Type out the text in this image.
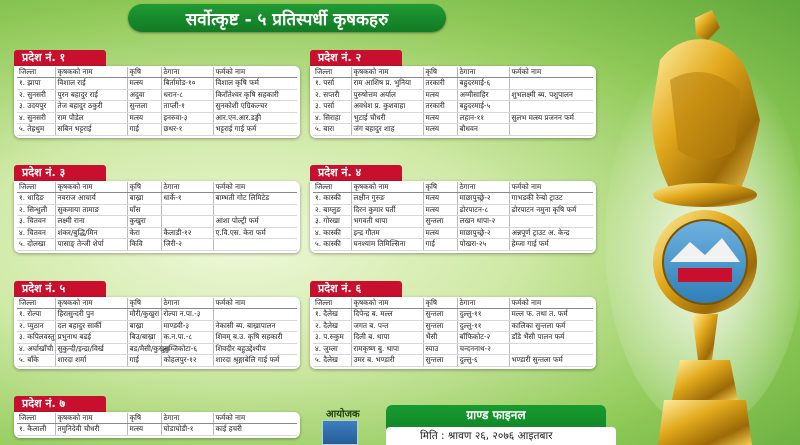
सर्वोत्कृष्ट - ५ प्रतिस्पर्धी कृषकहरु
प्रदेश नं. १
जिल्ला	कृषकको नाम	कृषि	ठेगाना	फर्मको नाम
१. झापा	विशाल राई	मत्स्य	बिर्तामोड-१०	विशाल कृषि फर्म
२. सुनसरी	पुरन बहादुर राई	अदुवा	धरान-८	किराँतेश्वर कृषि सहकारी
३. उदयपुर	तेज बहादुर ठकुरी	सुन्तला	ताप्ली-१	सुनकोशी एग्रिकल्चर
४. सुनसरी	राम पौडेल	मत्स्य	इनरुवा-३	आर.एन.आर.डङ्गी
५. तेह्रथुम	सबिन भट्टराई	गाई	छथर-१	भट्टराई गाई फर्म
प्रदेश नं. २
जिल्ला	कृषकको नाम	कृषि	ठेगाना	फर्मको नाम
१. पर्सा	राम आशिष प्र. भुनिया	तरकारी	बहुदरमाई-६	
२. सप्तरी	पुरुषोत्तम अर्याल	मत्स्य	अग्मीसाहिर	शुभलक्ष्मी ब्य. पशुपालन
३. पर्सा	अवधेश प्र. कुशवाहा	तरकारी	बहुदरमाई-५	
४. सिराहा	भुटाई चौधरी	मत्स्य	लहान-११	सुलभ मत्स्य प्रजनन फर्म
५. बारा	जंग बहादुर शाह	मत्स्य	बौधवन	
प्रदेश नं. ३
जिल्ला	कृषकको नाम	कृषि	ठेगाना	फर्मको नाम
१. धादिङ	नवराज आचार्य	बाख्रा	धार्के-१	बाम्भती गोट लिमिटेड
२. सिन्धुली	सुकमाया तामाङ	घाँस		
३. चितवन	लक्ष्मी राना	कुखुरा		आशा पोल्ट्री फर्म
४. चितवन	शंकर/बुद्धि/मिन	केरा	कैलाडी-१२	ए.वि.एस. केरा फर्म
५. दोलखा	पासाङ् तेन्जी शेर्पा	किवि	जिरी-२	
प्रदेश नं. ४
जिल्ला	कृषकको नाम	कृषि	ठेगाना	फर्मको नाम
१. कास्की	लक्षीन गुरुङ	मत्स्य	माछापुच्छ्रे-२	गाभडकी रेन्बो ट्राउट
२. बाग्लुङ	दिरन कुमार घर्ती	मत्स्य	ढोरपाटन-८	ढोरपाटन नमुना कृषि फर्म
३. गोरखा	भगवती थापा	सुन्तला	लखन थापा-२	
४. कास्की	इन्द्र गौतम	मत्स्य	माछापुच्छ्रे-२	अन्नपूर्ण ट्राउट अ. केन्द्र
५. कास्की	घनश्याम तिमिल्सिना	गाई	पोखरा-२५	हेम्जा गाई फर्म
प्रदेश नं. ५
जिल्ला	कृषकको नाम	कृषि	ठेगाना	फर्मको नाम
१. रोल्पा	हिरासुन्दरी पुन	मौरी/कुखुरा	रोल्पा न.पा.-३	
२. प्युठान	दल बहादुर सार्की	बाख्रा	माण्डवी-३	नेकासी ब्य. बाख्रापालन
३. कपिलवस्तु	प्रभुनाथ बढई	बिउ/बाख्रा	क.न.पा.-८	शिवम् ब.उ. कृषि सहकारी
४. अर्घाखाँची	सुकुन्दी/इन्द्रा/विर्ख	बड/मैसी/कुखुरा	सुम्जिकोटा-६	शिवदीर बहुउद्देश्यीय
५. बाँके	शारदा शर्मा	गाई	कोहलपुर-१२	शारदा श्रृङ्गाबेलि गाई फर्म
प्रदेश नं. ६
जिल्ला	कृषकको नाम	कृषि	ठेगाना	फर्मको नाम
१. दैलेख	दिपेन्द्र ब. मल्ल	सुन्तला	दुल्लु-११	मल्ल फ. तथा त. फर्म
२. दैलेख	जगत ब. पन्त	सुन्तला	दुल्लु-११	कालिका सुन्तला फर्म
३. प.रुकुम	दिली ब. थापा	भैंसी	बाँफिकोट-२	डाँडे भैंसी पालन फर्म
४. जुम्ला	रामकृष्ण बु. थापा	स्याउ	चन्दननाथ-२	
५. दैलेख	उमर ब. भण्डारी	सुन्तला	दुल्लु-६	भण्डारी सुन्तला फर्म
प्रदेश नं. ७
जिल्ला	कृषकको नाम	कृषि	ठेगाना	फर्मको नाम
१. कैलाली	तमुनिदेवी चौधरी	मत्स्य	घोडाघोडी-१	काई हचरी
आयोजक	ग्राण्ड फाइनल
मिति : श्रावण २६, २०७६ आइतबार
